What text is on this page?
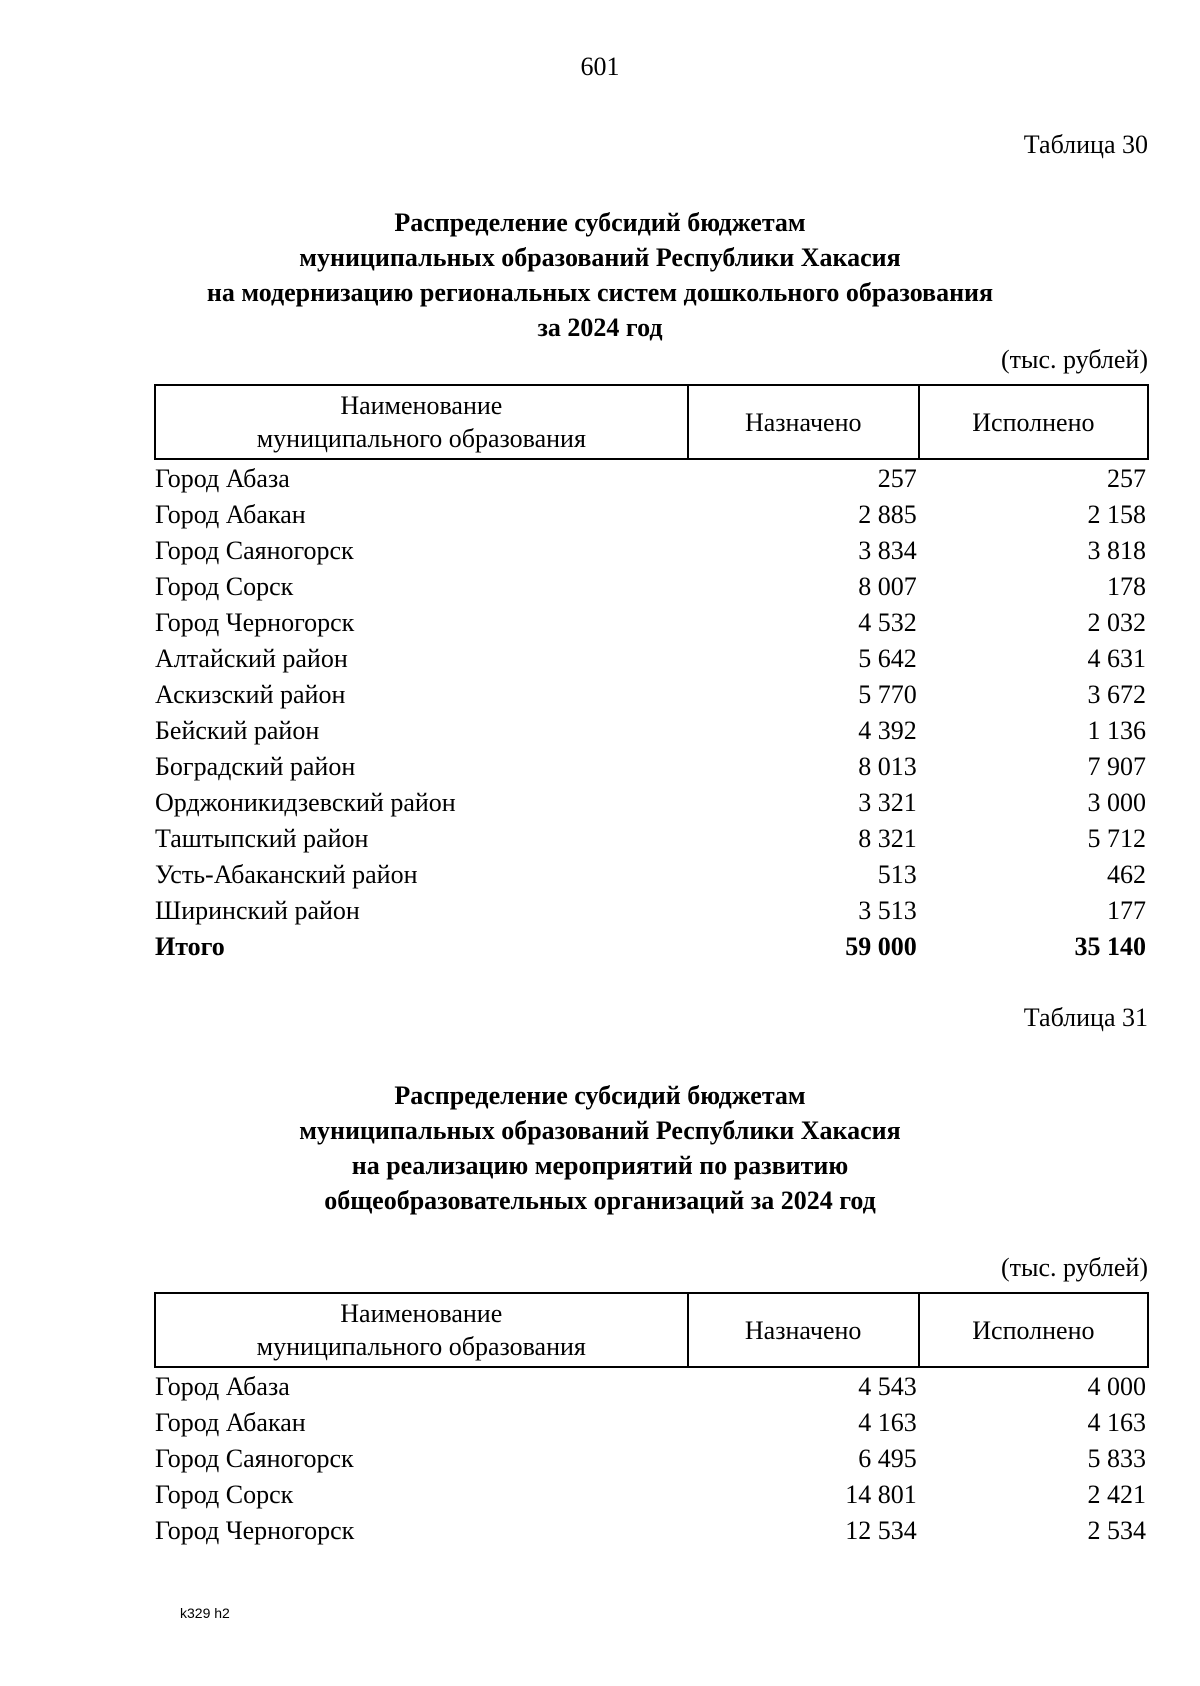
601
Таблица 30
Распределение субсидий бюджетам
муниципальных образований Республики Хакасия
на модернизацию региональных систем дошкольного образования
за 2024 год
(тыс. рублей)
Наименование
муниципального образования	Назначено	Исполнено
Город Абаза	257	257
Город Абакан	2 885	2 158
Город Саяногорск	3 834	3 818
Город Сорск	8 007	178
Город Черногорск	4 532	2 032
Алтайский район	5 642	4 631
Аскизский район	5 770	3 672
Бейский район	4 392	1 136
Боградский район	8 013	7 907
Орджоникидзевский район	3 321	3 000
Таштыпский район	8 321	5 712
Усть-Абаканский район	513	462
Ширинский район	3 513	177
Итого	59 000	35 140
Таблица 31
Распределение субсидий бюджетам
муниципальных образований Республики Хакасия
на реализацию мероприятий по развитию
общеобразовательных организаций за 2024 год
(тыс. рублей)
Наименование
муниципального образования	Назначено	Исполнено
Город Абаза	4 543	4 000
Город Абакан	4 163	4 163
Город Саяногорск	6 495	5 833
Город Сорск	14 801	2 421
Город Черногорск	12 534	2 534
k329 h2
